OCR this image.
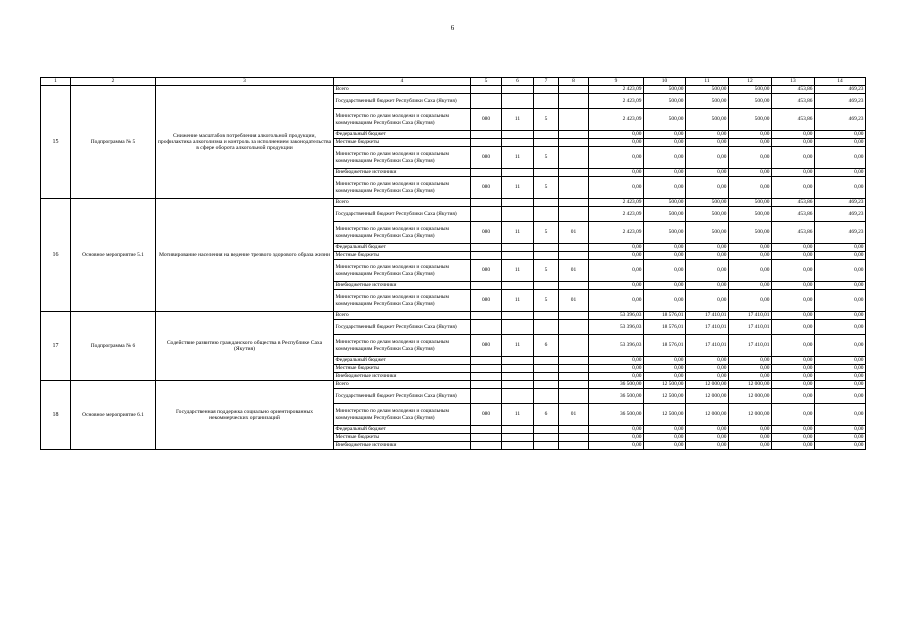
6
1	2	3	4	5	6	7	8	9	10	11	12	13	14
15	Подпрограмма № 5	Снижение масштабов потребления алкогольной продукции, профилактика алкоголизма и контроль за исполнением законодательства в сфере оборота алкогольной продукции	Всего					2 423,09	500,00	500,00	500,00	453,86	469,23
			Государственный бюджет Республики Саха (Якутия)					2 423,09	500,00	500,00	500,00	453,86	469,23
			Министерство по делам молодежи и социальным коммуникациям Республики Саха (Якутия)	080	11	5		2 423,09	500,00	500,00	500,00	453,86	469,23
			Федеральный бюджет					0,00	0,00	0,00	0,00	0,00	0,00
			Местные бюджеты					0,00	0,00	0,00	0,00	0,00	0,00
			Министерство по делам молодежи и социальным коммуникациям Республики Саха (Якутия)	080	11	5		0,00	0,00	0,00	0,00	0,00	0,00
			Внебюджетные источники					0,00	0,00	0,00	0,00	0,00	0,00
			Министерство по делам молодежи и социальным коммуникациям Республики Саха (Якутия)	080	11	5		0,00	0,00	0,00	0,00	0,00	0,00
16	Основное мероприятие 5.1	Мотивирование населения на ведение трезвого здорового образа жизни	Всего					2 423,09	500,00	500,00	500,00	453,86	469,23
			Государственный бюджет Республики Саха (Якутия)					2 423,09	500,00	500,00	500,00	453,86	469,23
			Министерство по делам молодежи и социальным коммуникациям Республики Саха (Якутия)	080	11	5	01	2 423,09	500,00	500,00	500,00	453,86	469,23
			Федеральный бюджет					0,00	0,00	0,00	0,00	0,00	0,00
			Местные бюджеты					0,00	0,00	0,00	0,00	0,00	0,00
			Министерство по делам молодежи и социальным коммуникациям Республики Саха (Якутия)	080	11	5	01	0,00	0,00	0,00	0,00	0,00	0,00
			Внебюджетные источники					0,00	0,00	0,00	0,00	0,00	0,00
			Министерство по делам молодежи и социальным коммуникациям Республики Саха (Якутия)	080	11	5	01	0,00	0,00	0,00	0,00	0,00	0,00
17	Подпрограмма № 6	Содействие развитию гражданского общества в Республике Саха (Якутия)	Всего					53 396,03	18 576,01	17 410,01	17 410,01	0,00	0,00
			Государственный бюджет Республики Саха (Якутия)					53 396,03	18 576,01	17 410,01	17 410,01	0,00	0,00
			Министерство по делам молодежи и социальным коммуникациям Республики Саха (Якутия)	080	11	6		53 396,03	18 576,01	17 410,01	17 410,01	0,00	0,00
			Федеральный бюджет					0,00	0,00	0,00	0,00	0,00	0,00
			Местные бюджеты					0,00	0,00	0,00	0,00	0,00	0,00
			Внебюджетные источники					0,00	0,00	0,00	0,00	0,00	0,00
18	Основное мероприятие 6.1	Государственная поддержка социально ориентированных некоммерческих организаций	Всего					36 500,00	12 500,00	12 000,00	12 000,00	0,00	0,00
			Государственный бюджет Республики Саха (Якутия)					36 500,00	12 500,00	12 000,00	12 000,00	0,00	0,00
			Министерство по делам молодежи и социальным коммуникациям Республики Саха (Якутия)	080	11	6	01	36 500,00	12 500,00	12 000,00	12 000,00	0,00	0,00
			Федеральный бюджет					0,00	0,00	0,00	0,00	0,00	0,00
			Местные бюджеты					0,00	0,00	0,00	0,00	0,00	0,00
			Внебюджетные источники					0,00	0,00	0,00	0,00	0,00	0,00
